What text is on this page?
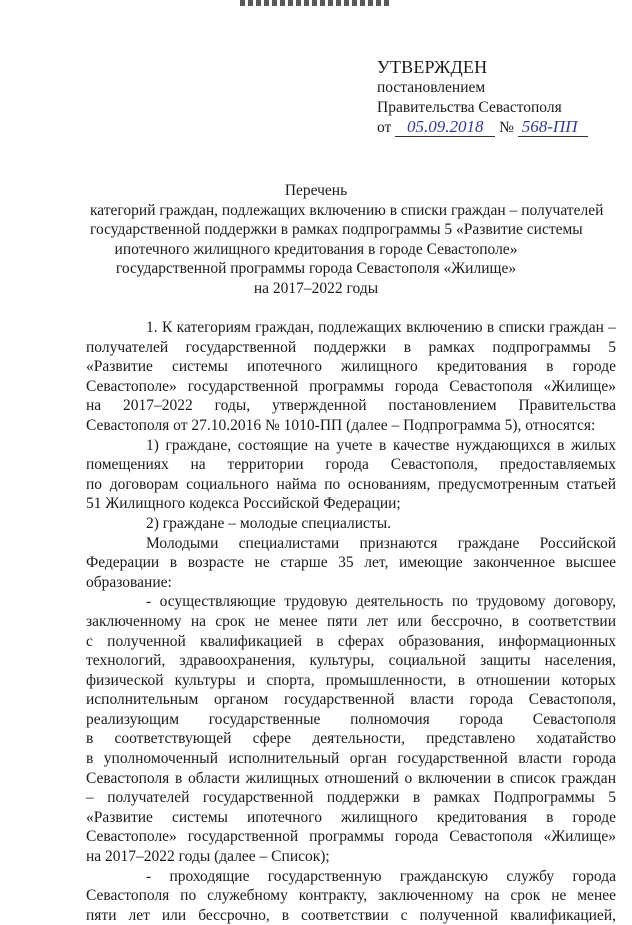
УТВЕРЖДЕН
постановлением
Правительства Севастополя
от 05.09.2018 № 568-ПП
Перечень
категорий граждан, подлежащих включению в списки граждан – получателей
государственной поддержки в рамках подпрограммы 5 «Развитие системы
ипотечного жилищного кредитования в городе Севастополе»
государственной программы города Севастополя «Жилище»
на 2017–2022 годы
1. К категориям граждан, подлежащих включению в списки граждан –
получателей государственной поддержки в рамках подпрограммы 5
«Развитие системы ипотечного жилищного кредитования в городе
Севастополе» государственной программы города Севастополя «Жилище»
на 2017–2022 годы, утвержденной постановлением Правительства
Севастополя от 27.10.2016 № 1010-ПП (далее – Подпрограмма 5), относятся:
1) граждане, состоящие на учете в качестве нуждающихся в жилых
помещениях на территории города Севастополя, предоставляемых
по договорам социального найма по основаниям, предусмотренным статьей
51 Жилищного кодекса Российской Федерации;
2) граждане – молодые специалисты.
Молодыми специалистами признаются граждане Российской
Федерации в возрасте не старше 35 лет, имеющие законченное высшее
образование:
- осуществляющие трудовую деятельность по трудовому договору,
заключенному на срок не менее пяти лет или бессрочно, в соответствии
с полученной квалификацией в сферах образования, информационных
технологий, здравоохранения, культуры, социальной защиты населения,
физической культуры и спорта, промышленности, в отношении которых
исполнительным органом государственной власти города Севастополя,
реализующим государственные полномочия города Севастополя
в соответствующей сфере деятельности, представлено ходатайство
в уполномоченный исполнительный орган государственной власти города
Севастополя в области жилищных отношений о включении в список граждан
– получателей государственной поддержки в рамках Подпрограммы 5
«Развитие системы ипотечного жилищного кредитования в городе
Севастополе» государственной программы города Севастополя «Жилище»
на 2017–2022 годы (далее – Список);
- проходящие государственную гражданскую службу города
Севастополя по служебному контракту, заключенному на срок не менее
пяти лет или бессрочно, в соответствии с полученной квалификацией,
